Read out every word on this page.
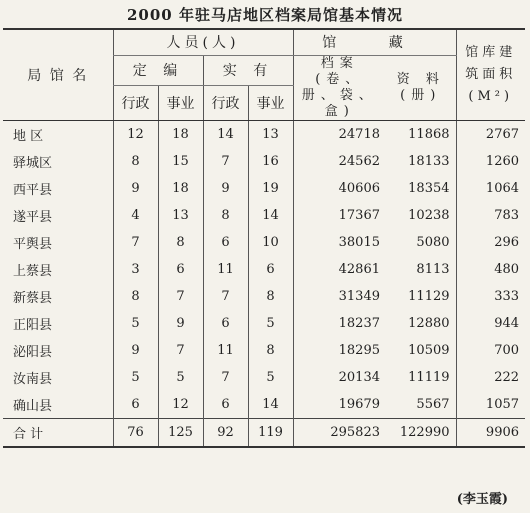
2000 年驻马店地区档案局馆基本情况
局 馆 名	人员(人)				馆 藏		馆库建筑面积(M²)
	定 编		实 有		档案(卷、册、袋、盒)	资 料(册)	
	行政	事业	行政	事业			
地 区	12	18	14	13	24718	11868	2767
驿城区	8	15	7	16	24562	18133	1260
西平县	9	18	9	19	40606	18354	1064
遂平县	4	13	8	14	17367	10238	783
平舆县	7	8	6	10	38015	5080	296
上蔡县	3	6	11	6	42861	8113	480
新蔡县	8	7	7	8	31349	11129	333
正阳县	5	9	6	5	18237	12880	944
泌阳县	9	7	11	8	18295	10509	700
汝南县	5	5	7	5	20134	11119	222
确山县	6	12	6	14	19679	5567	1057
合 计	76	125	92	119	295823	122990	9906
(李玉霞)
